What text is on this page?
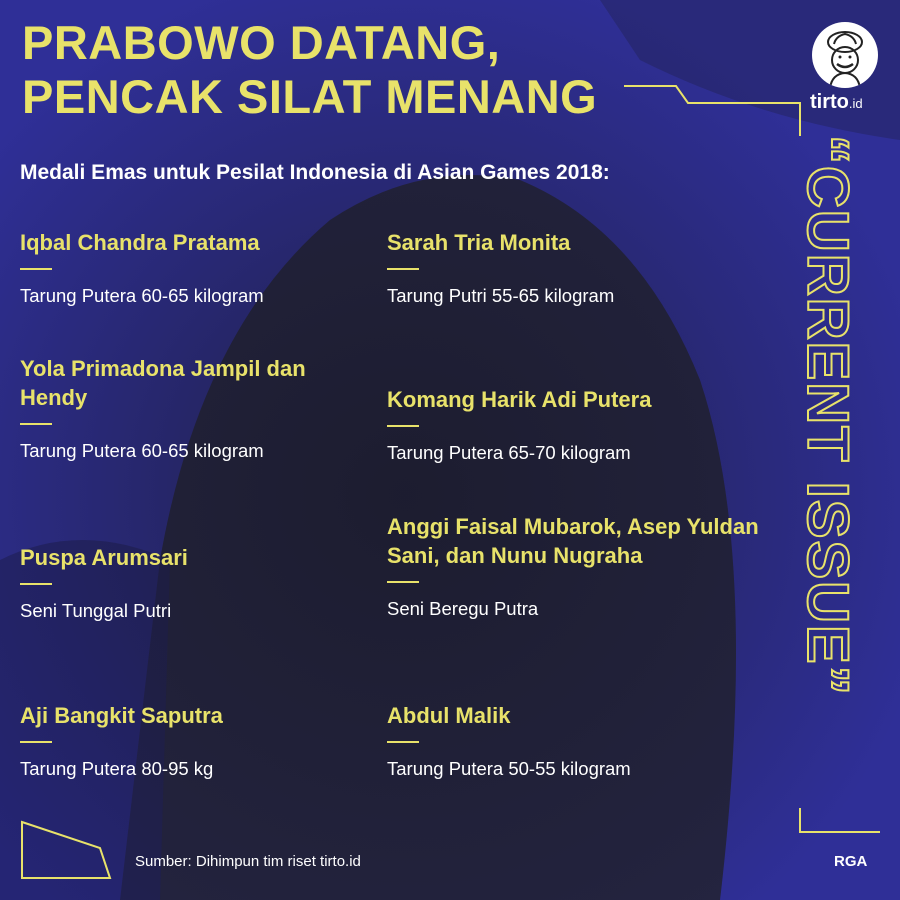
PRABOWO DATANG,
PENCAK SILAT MENANG

Medali Emas untuk Pesilat Indonesia di Asian Games 2018:

Iqbal Chandra Pratama

Tarung Putera 60-65 kilogram

Sarah Tria Monita

Tarung Putri 55-65 kilogram

Yola Primadona Jampil dan Hendy

Tarung Putera 60-65 kilogram

Komang Harik Adi Putera

Tarung Putera 65-70 kilogram

Puspa Arumsari

Seni Tunggal Putri

Anggi Faisal Mubarok, Asep Yuldan Sani, dan Nunu Nugraha

Seni Beregu Putra

Aji Bangkit Saputra

Tarung Putera 80-95 kg

Abdul Malik

Tarung Putera 50-55 kilogram
“CURRENT ISSUE”
tirto.id
Sumber: Dihimpun tim riset tirto.id	RGA
